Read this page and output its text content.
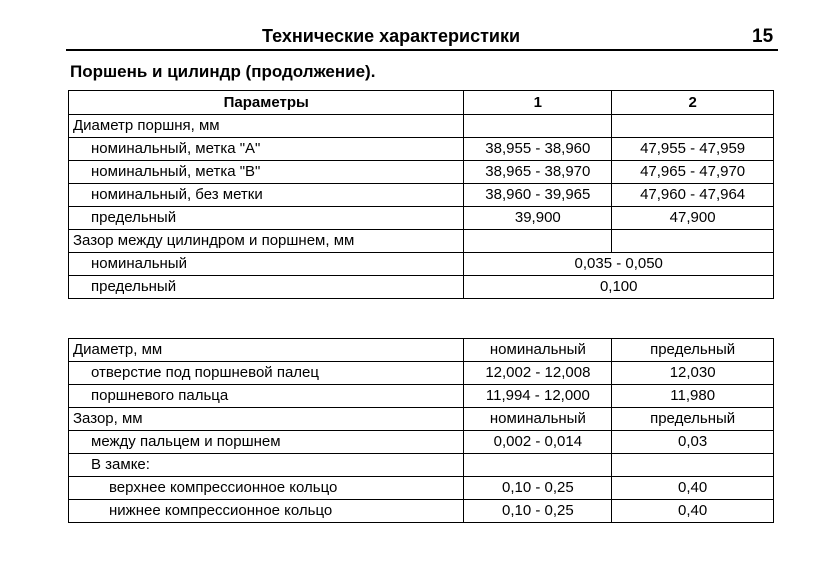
Технические характеристики	15
Поршень и цилиндр (продолжение).
Параметры	1	2
Диаметр поршня, мм		
номинальный, метка "А"	38,955 - 38,960	47,955 - 47,959
номинальный, метка "В"	38,965 - 38,970	47,965 - 47,970
номинальный, без метки	38,960 - 39,965	47,960 - 47,964
предельный	39,900	47,900
Зазор между цилиндром и поршнем, мм		
номинальный	0,035 - 0,050	
предельный	0,100	
Диаметр, мм	номинальный	предельный
отверстие под поршневой палец	12,002 - 12,008	12,030
поршневого пальца	11,994 - 12,000	11,980
Зазор, мм	номинальный	предельный
между пальцем и поршнем	0,002 - 0,014	0,03
В замке:		
верхнее компрессионное кольцо	0,10 - 0,25	0,40
нижнее компрессионное кольцо	0,10 - 0,25	0,40
